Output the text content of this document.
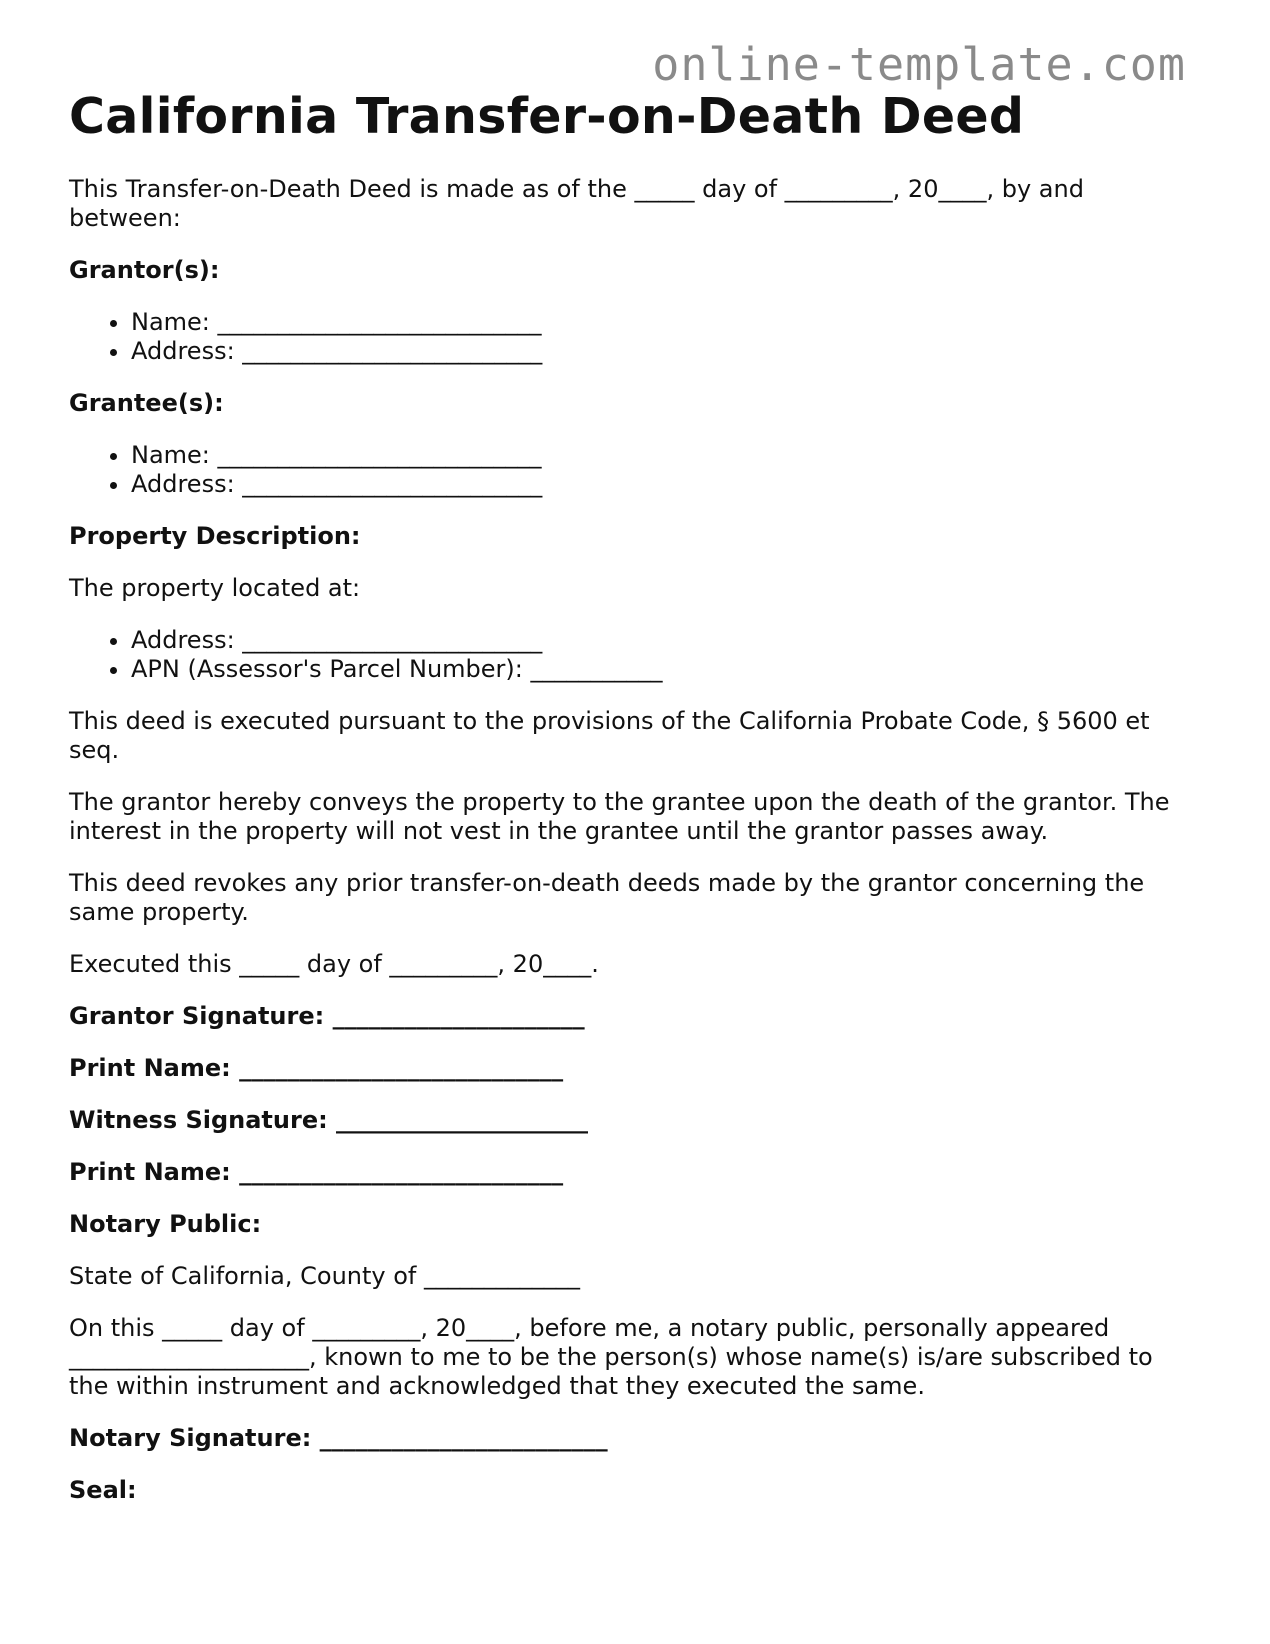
online-template.com
California Transfer-on-Death Deed

This Transfer-on-Death Deed is made as of the _____ day of _________, 20____, by and between:

Grantor(s):

• Name: ___________________________
• Address: _________________________

Grantee(s):

• Name: ___________________________
• Address: _________________________

Property Description:

The property located at:

• Address: _________________________
• APN (Assessor's Parcel Number): ___________

This deed is executed pursuant to the provisions of the California Probate Code, § 5600 et seq.

The grantor hereby conveys the property to the grantee upon the death of the grantor. The interest in the property will not vest in the grantee until the grantor passes away.

This deed revokes any prior transfer-on-death deeds made by the grantor concerning the same property.

Executed this _____ day of _________, 20____.

Grantor Signature: _____________________

Print Name: ___________________________

Witness Signature: _____________________

Print Name: ___________________________

Notary Public:

State of California, County of _____________

On this _____ day of _________, 20____, before me, a notary public, personally appeared ____________________, known to me to be the person(s) whose name(s) is/are subscribed to the within instrument and acknowledged that they executed the same.

Notary Signature: ________________________

Seal:
